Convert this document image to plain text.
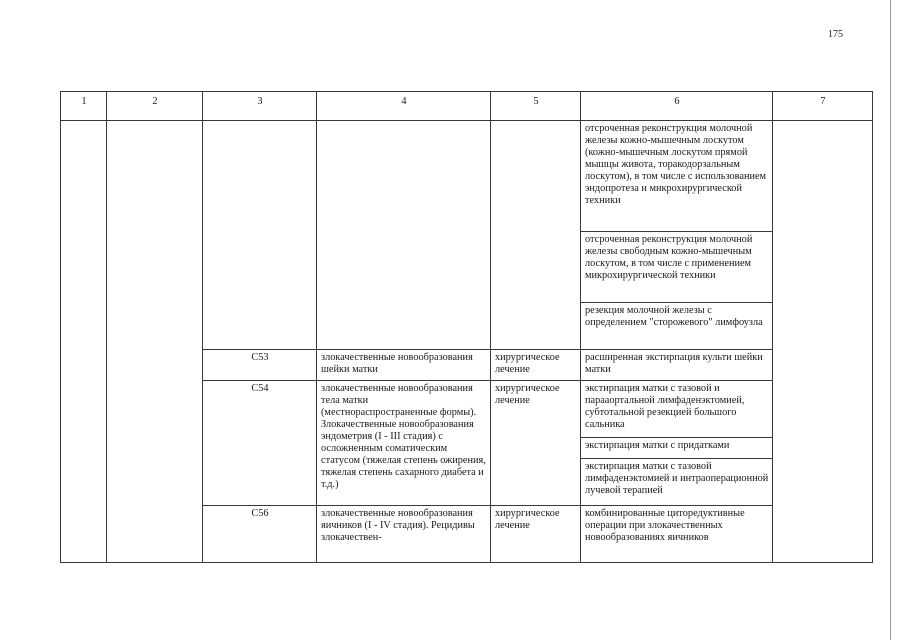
175
1	2	3	4	5	6	7
					отсроченная реконструкция молочной железы кожно-мышечным лоскутом (кожно-мышечным лоскутом прямой мышцы живота, торакодорзальным лоскутом), в том числе с использованием эндопротеза и микрохирургической техники	
					отсроченная реконструкция молочной железы свободным кожно-мышечным лоскутом, в том числе с применением микрохирургической техники	
					резекция молочной железы с определением "сторожевого" лимфоузла	
		C53	злокачественные новообразования шейки матки	хирургическое лечение	расширенная экстирпация культи шейки матки	
		C54	злокачественные новообразования тела матки (местнораспространенные формы). Злокачественные новообразования эндометрия (I - III стадия) с осложненным соматическим статусом (тяжелая степень ожирения, тяжелая степень сахарного диабета и т.д.)	хирургическое лечение	экстирпация матки с тазовой и парааортальной лимфаденэктомией, субтотальной резекцией большого сальника	
					экстирпация матки с придатками	
					экстирпация матки с тазовой лимфаденэктомией и интраоперационной лучевой терапией	
		C56	злокачественные новообразования яичников (I - IV стадия). Рецидивы злокачествен-	хирургическое лечение	комбинированные циторедуктивные операции при злокачественных новообразованиях яичников	
